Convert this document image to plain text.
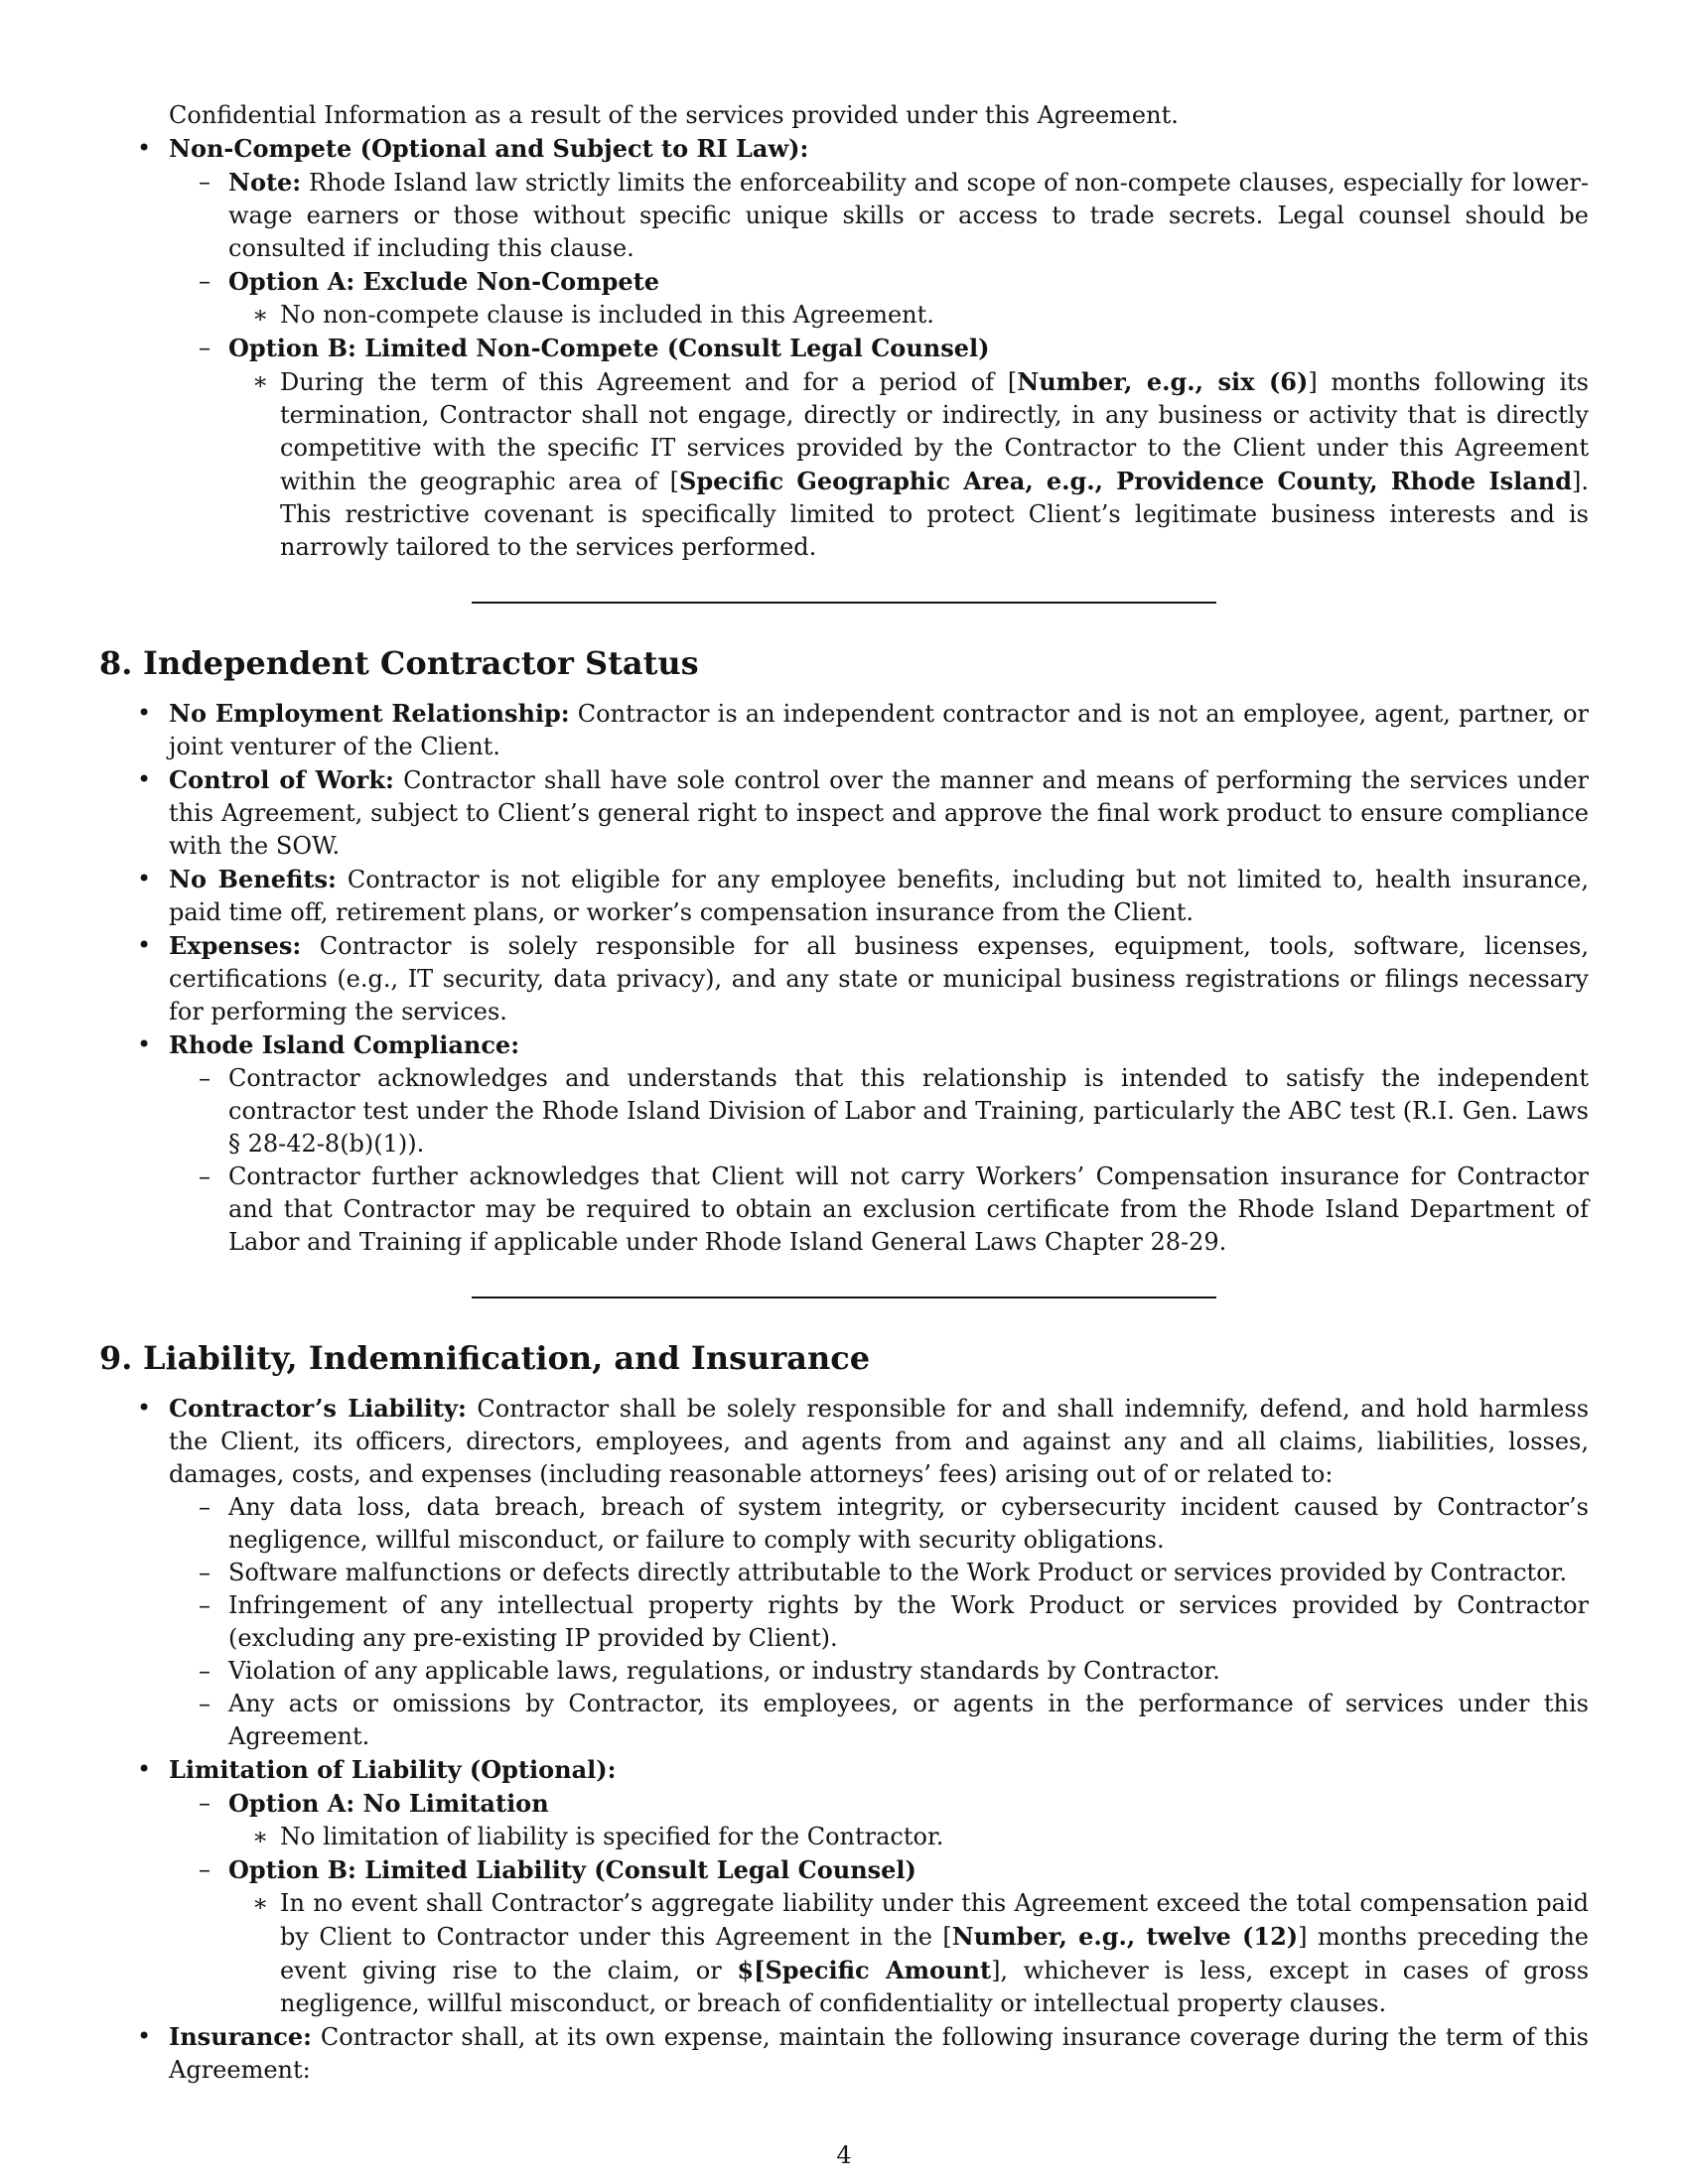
Confidential Information as a result of the services provided under this Agreement.
• Non-Compete (Optional and Subject to RI Law):
– Note: Rhode Island law strictly limits the enforceability and scope of non-compete clauses, especially for lower-wage earners or those without specific unique skills or access to trade secrets. Legal counsel should be consulted if including this clause.
– Option A: Exclude Non-Compete
∗ No non-compete clause is included in this Agreement.
– Option B: Limited Non-Compete (Consult Legal Counsel)
∗ During the term of this Agreement and for a period of [Number, e.g., six (6)] months following its termination, Contractor shall not engage, directly or indirectly, in any business or activity that is directly competitive with the specific IT services provided by the Contractor to the Client under this Agreement within the geographic area of [Specific Geographic Area, e.g., Providence County, Rhode Island]. This restrictive covenant is specifically limited to protect Client’s legitimate business interests and is narrowly tailored to the services performed.
8. Independent Contractor Status
• No Employment Relationship: Contractor is an independent contractor and is not an employee, agent, partner, or joint venturer of the Client.
• Control of Work: Contractor shall have sole control over the manner and means of performing the services under this Agreement, subject to Client’s general right to inspect and approve the final work product to ensure compliance with the SOW.
• No Benefits: Contractor is not eligible for any employee benefits, including but not limited to, health insurance, paid time off, retirement plans, or worker’s compensation insurance from the Client.
• Expenses: Contractor is solely responsible for all business expenses, equipment, tools, software, licenses, certifications (e.g., IT security, data privacy), and any state or municipal business registrations or filings necessary for performing the services.
• Rhode Island Compliance:
– Contractor acknowledges and understands that this relationship is intended to satisfy the independent contractor test under the Rhode Island Division of Labor and Training, particularly the ABC test (R.I. Gen. Laws § 28-42-8(b)(1)).
– Contractor further acknowledges that Client will not carry Workers’ Compensation insurance for Contractor and that Contractor may be required to obtain an exclusion certificate from the Rhode Island Department of Labor and Training if applicable under Rhode Island General Laws Chapter 28-29.
9. Liability, Indemnification, and Insurance
• Contractor’s Liability: Contractor shall be solely responsible for and shall indemnify, defend, and hold harmless the Client, its officers, directors, employees, and agents from and against any and all claims, liabilities, losses, damages, costs, and expenses (including reasonable attorneys’ fees) arising out of or related to:
– Any data loss, data breach, breach of system integrity, or cybersecurity incident caused by Contractor’s negligence, willful misconduct, or failure to comply with security obligations.
– Software malfunctions or defects directly attributable to the Work Product or services provided by Contractor.
– Infringement of any intellectual property rights by the Work Product or services provided by Contractor (excluding any pre-existing IP provided by Client).
– Violation of any applicable laws, regulations, or industry standards by Contractor.
– Any acts or omissions by Contractor, its employees, or agents in the performance of services under this Agreement.
• Limitation of Liability (Optional):
– Option A: No Limitation
∗ No limitation of liability is specified for the Contractor.
– Option B: Limited Liability (Consult Legal Counsel)
∗ In no event shall Contractor’s aggregate liability under this Agreement exceed the total compensation paid by Client to Contractor under this Agreement in the [Number, e.g., twelve (12)] months preceding the event giving rise to the claim, or $[Specific Amount], whichever is less, except in cases of gross negligence, willful misconduct, or breach of confidentiality or intellectual property clauses.
• Insurance: Contractor shall, at its own expense, maintain the following insurance coverage during the term of this Agreement:
4
